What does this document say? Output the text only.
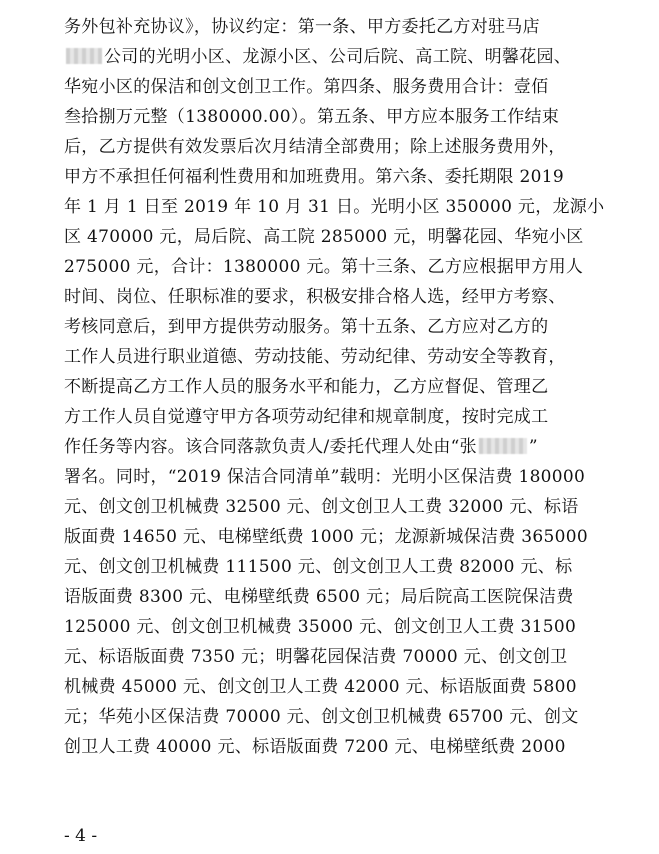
务外包补充协议》，协议约定：第一条、甲方委托乙方对驻马店
公司的光明小区、龙源小区、公司后院、高工院、明馨花园、
华宛小区的保洁和创文创卫工作。第四条、服务费用合计：壹佰
叁拾捌万元整（1380000.00）。第五条、甲方应本服务工作结束
后，乙方提供有效发票后次月结清全部费用；除上述服务费用外，
甲方不承担任何福利性费用和加班费用。第六条、委托期限 2019
年 1 月 1 日至 2019 年 10 月 31 日。光明小区 350000 元，龙源小
区 470000 元，局后院、高工院 285000 元，明馨花园、华宛小区
275000 元，合计：1380000 元。第十三条、乙方应根据甲方用人
时间、岗位、任职标准的要求，积极安排合格人选，经甲方考察、
考核同意后，到甲方提供劳动服务。第十五条、乙方应对乙方的
工作人员进行职业道德、劳动技能、劳动纪律、劳动安全等教育，
不断提高乙方工作人员的服务水平和能力，乙方应督促、管理乙
方工作人员自觉遵守甲方各项劳动纪律和规章制度，按时完成工
作任务等内容。该合同落款负责人/委托代理人处由“张	”
署名。同时，“2019 保洁合同清单”载明：光明小区保洁费 180000
元、创文创卫机械费 32500 元、创文创卫人工费 32000 元、标语
版面费 14650 元、电梯壁纸费 1000 元；龙源新城保洁费 365000
元、创文创卫机械费 111500 元、创文创卫人工费 82000 元、标
语版面费 8300 元、电梯壁纸费 6500 元；局后院高工医院保洁费
125000 元、创文创卫机械费 35000 元、创文创卫人工费 31500
元、标语版面费 7350 元；明馨花园保洁费 70000 元、创文创卫
机械费 45000 元、创文创卫人工费 42000 元、标语版面费 5800
元；华苑小区保洁费 70000 元、创文创卫机械费 65700 元、创文
创卫人工费 40000 元、标语版面费 7200 元、电梯壁纸费 2000
- 4 -
